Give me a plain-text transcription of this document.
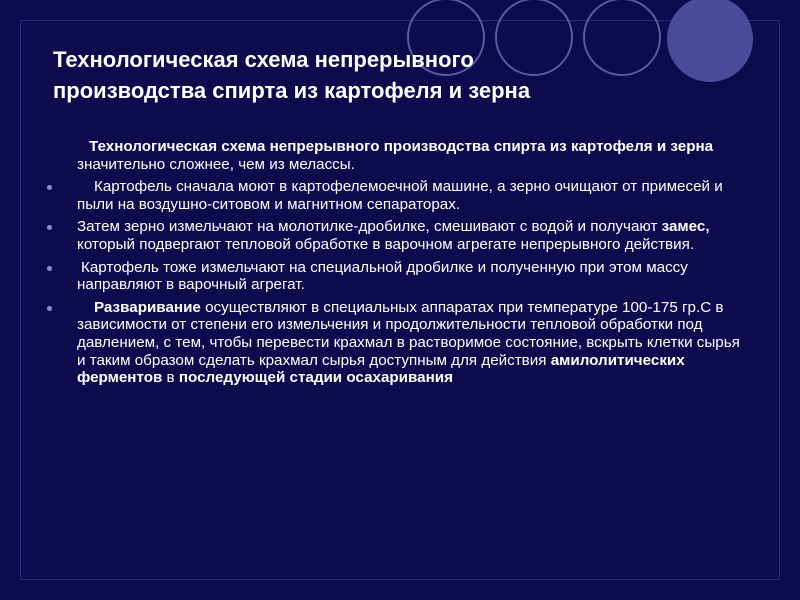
Технологическая схема непрерывного
производства спирта из картофеля и зерна
Технологическая схема непрерывного производства спирта из картофеля и зерна значительно сложнее, чем из мелассы.
Картофель сначала моют в картофелемоечной машине, а зерно очищают от примесей и пыли на воздушно-ситовом и магнитном сепараторах.
Затем зерно измельчают на молотилке-дробилке, смешивают с водой и получают замес, который подвергают тепловой обработке в варочном агрегате непрерывного действия.
Картофель тоже измельчают на специальной дробилке и полученную при этом массу направляют в варочный агрегат.
Разваривание осуществляют в специальных аппаратах при температуре 100-175 гр.С в зависимости от степени его измельчения и продолжительности тепловой обработки под давлением, с тем, чтобы перевести крахмал в растворимое состояние, вскрыть клетки сырья и таким образом сделать крахмал сырья доступным для действия амилолитических ферментов в последующей стадии осахаривания
